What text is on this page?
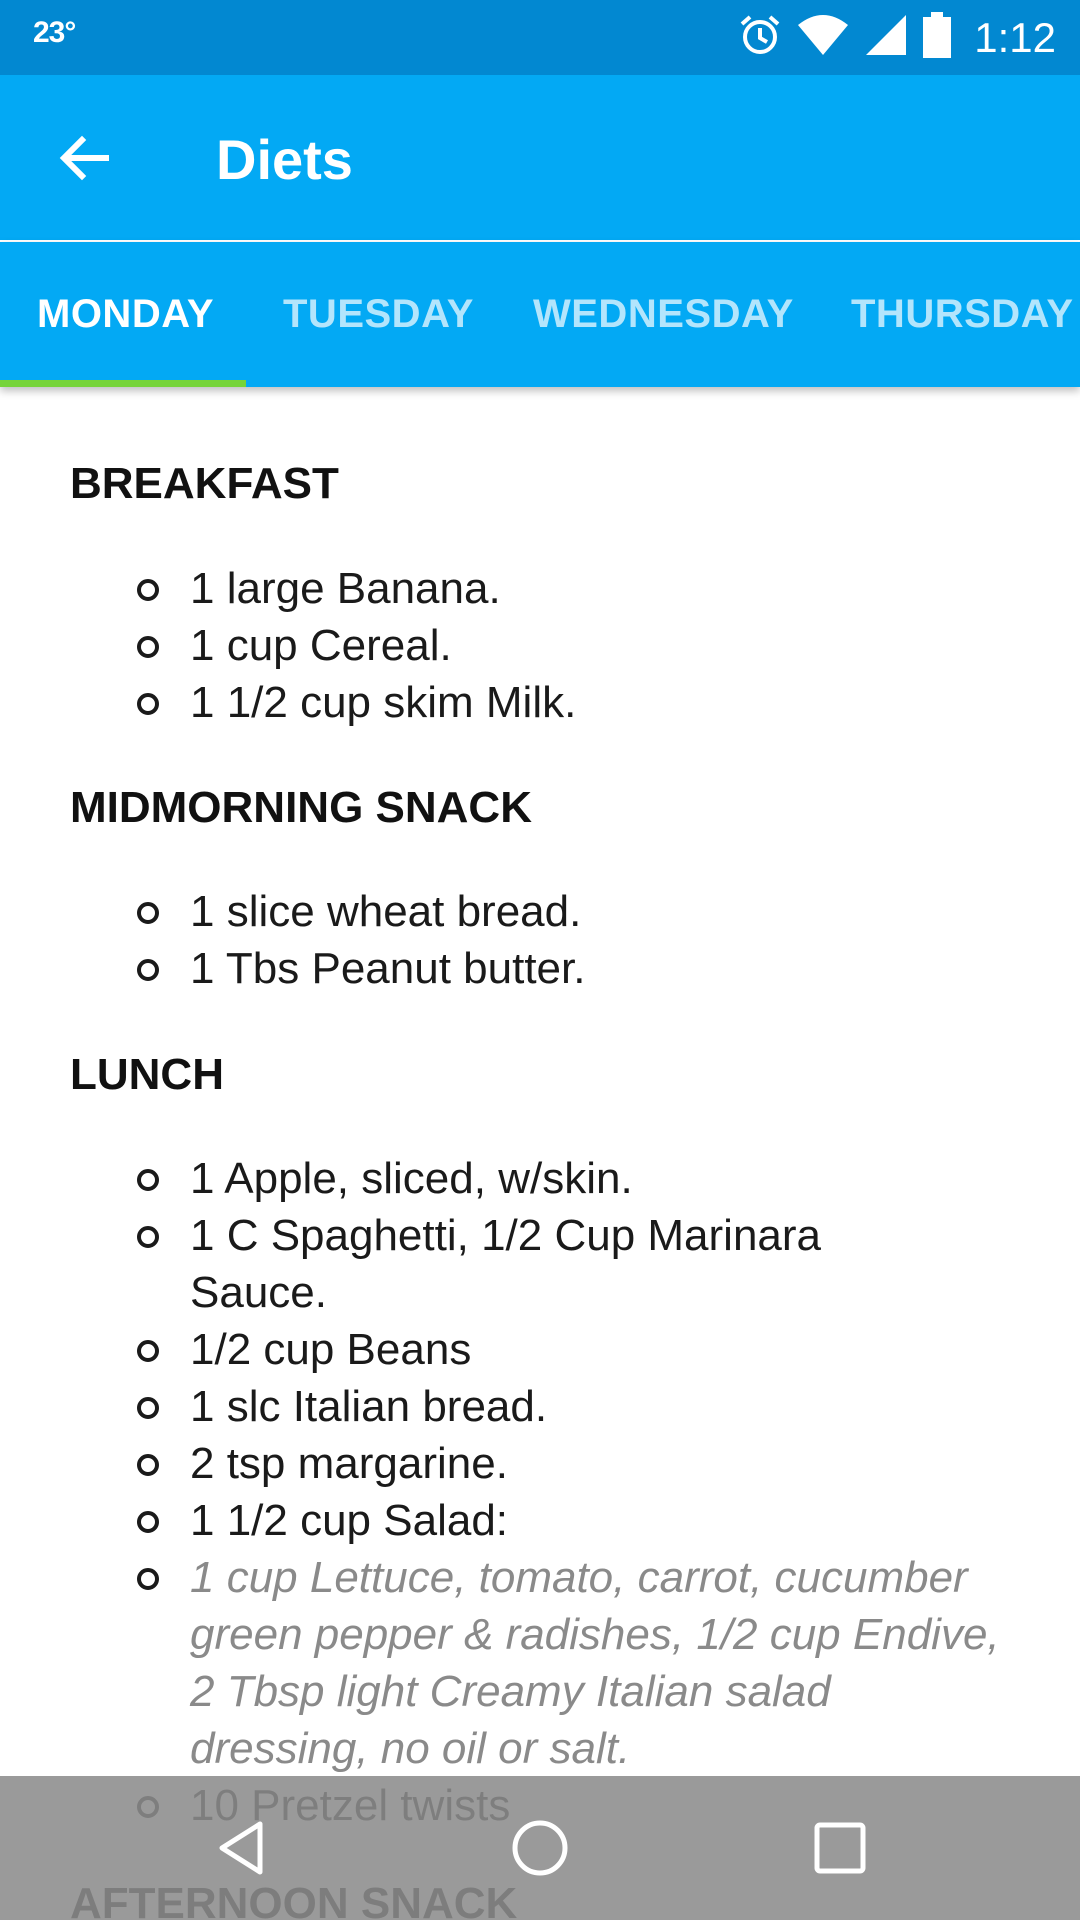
23°	1:12
Diets
MONDAY TUESDAY WEDNESDAY THURSDAY
BREAKFAST
1 large Banana.
1 cup Cereal.
1 1/2 cup skim Milk.
MIDMORNING SNACK
1 slice wheat bread.
1 Tbs Peanut butter.
LUNCH
1 Apple, sliced, w/skin.
1 C Spaghetti, 1/2 Cup Marinara Sauce.
1/2 cup Beans
1 slc Italian bread.
2 tsp margarine.
1 1/2 cup Salad:
1 cup Lettuce, tomato, carrot, cucumber green pepper & radishes, 1/2 cup Endive, 2 Tbsp light Creamy Italian salad dressing, no oil or salt.
